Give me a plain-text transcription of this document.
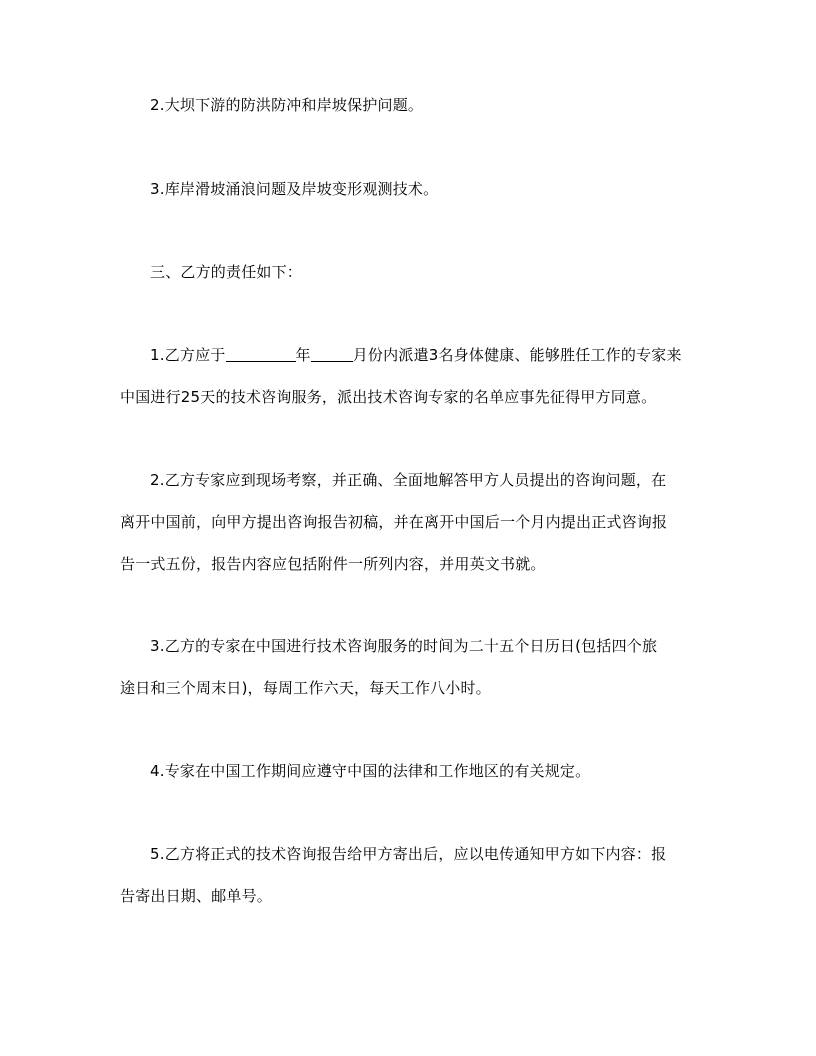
2.大坝下游的防洪防冲和岸坡保护问题。

3.库岸滑坡涌浪问题及岸坡变形观测技术。

三、乙方的责任如下：

1.乙方应于	年	月份内派遣3名身体健康、能够胜任工作的专家来
中国进行25天的技术咨询服务，派出技术咨询专家的名单应事先征得甲方同意。

2.乙方专家应到现场考察，并正确、全面地解答甲方人员提出的咨询问题，在
离开中国前，向甲方提出咨询报告初稿，并在离开中国后一个月内提出正式咨询报
告一式五份，报告内容应包括附件一所列内容，并用英文书就。

3.乙方的专家在中国进行技术咨询服务的时间为二十五个日历日(包括四个旅
途日和三个周末日)，每周工作六天，每天工作八小时。

4.专家在中国工作期间应遵守中国的法律和工作地区的有关规定。

5.乙方将正式的技术咨询报告给甲方寄出后，应以电传通知甲方如下内容：报
告寄出日期、邮单号。
